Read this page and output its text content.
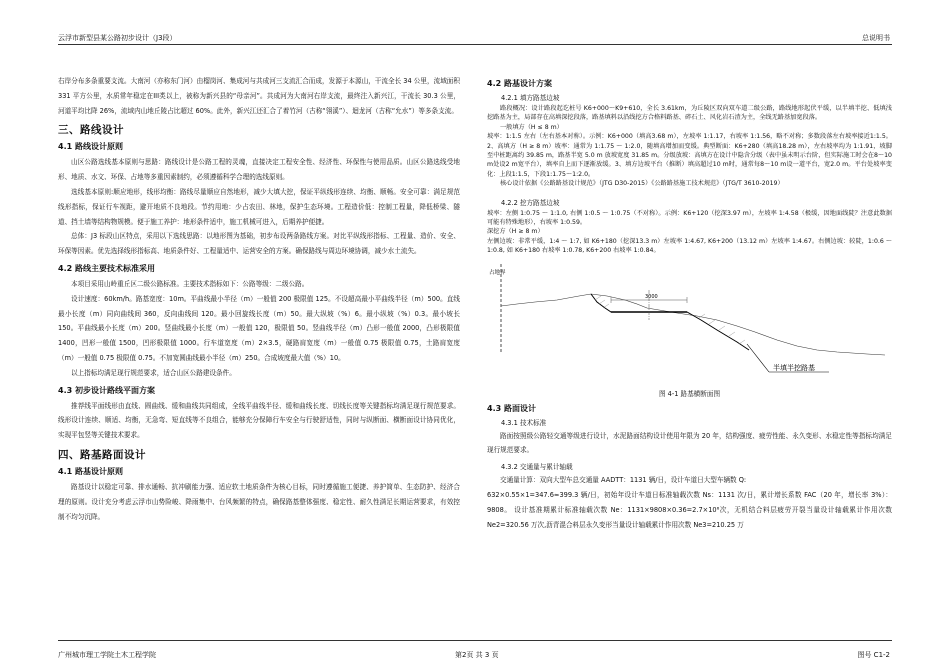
云浮市新型县某公路初步设计（J3段）	总说明书

右岸分布多条重要支流。大南河（亦称东门河）由榴岗河、集成河与共成河三支流汇合而成，发源于本源山，干流全长 34 公里，流域面积 331 平方公里，水质常年稳定在III类以上，被称为新兴县的“母亲河”。共成河为大南河右岸支流，最终注入新兴江，干流长 30.3 公里，河道平均比降 26%，流域内山地丘陵占比超过 60%。此外，新兴江还汇合了着竹河（古称“翎溪”）、迴龙河（古称“允水”）等多条支流。

三、路线设计
4.1 路线设计原则

山区公路选线基本原则与思路：路线设计是公路工程的灵魂，直接决定工程安全性、经济性、环保性与使用品质。山区公路选线受地形、地质、水文、环保、占地等多重因素制约，必须遵循科学合理的选线原则。

选线基本原则:顺应地形，线形均衡：路线尽量顺应自然地形，减少大填大挖，保证平纵线形连续、均衡、顺畅。安全可靠：满足规范线形指标，保证行车视距，避开地质不良地段。节约用地：少占农田、林地，保护生态环境。工程造价低：控制工程量，降低桥梁、隧道、挡土墙等结构物规模。便于施工养护：地形条件适中，施工机械可进入，后期养护便捷。

总体：J3 标段山区特点，采用以下选线思路：以地形图为基础，初步布设两条路线方案。对比平纵线形指标、工程量、造价、安全、环保等因素。优先选择线形指标高、地质条件好、工程量适中、运营安全的方案。确保路线与周边环境协调，减少水土流失。

4.2 路线主要技术标准采用

本项目采用山岭重丘区二级公路标准。主要技术指标如下：公路等级：二级公路。

设计速度：60km/h。路基宽度：10m。平曲线最小半径（m）一般值 200 极限值 125。不设超高最小平曲线半径（m）500。直线最小长度（m）同向曲线间 360，反向曲线间 120。最小回旋线长度（m）50。最大纵坡（%）6。最小纵坡（%）0.3。最小坡长 150。平曲线最小长度（m）200。竖曲线最小长度（m）一般值 120，极限值 50。竖曲线半径（m）凸形一般值 2000，凸形极限值 1400，凹形一般值 1500，凹形极限值 1000。行车道宽度（m）2×3.5，硬路肩宽度（m）一般值 0.75 极限值 0.75，土路肩宽度（m）一般值 0.75 极限值 0.75。不加宽圆曲线最小半径（m）250。合成坡度最大值（%）10。

以上指标均满足现行规范要求，适合山区公路建设条件。

4.3 初步设计路线平面方案

推荐线平面线形由直线、圆曲线、缓和曲线共同组成，全线平曲线半径、缓和曲线长度、切线长度等关键指标均满足现行规范要求。线形设计连续、顺适、均衡，无急弯、短直线等不良组合，能够充分保障行车安全与行驶舒适性，同时与纵断面、横断面设计协同优化，实现平包竖等关键技术要求。

四、路基路面设计
4.1 路基设计原则

路基设计以稳定可靠、排水通畅、抗冲刷能力强、适应软土地质条件为核心目标，同时遵循施工便捷、养护简单、生态防护、经济合理的原则。设计充分考虑云浮市山势险峻、降雨集中、台风频繁的特点，确保路基整体强度、稳定性、耐久性满足长期运营要求，有效控制不均匀沉降。

4.2 路基设计方案
4.2.1 填方路基边坡

路段概况：设计路段起讫桩号 K6+000～K9+610，全长 3.61km，为丘陵区双向双车道二级公路，路线地形起伏平缓，以半填半挖、低填浅挖路基为主，局部存在高填深挖段落，路基填料以沿线挖方合格料路基、碎石土、风化岩石渣为主，全线无路基加宽段落。

一般填方（H ≤ 8 m）

坡率：1:1.5 左右（左右基本对称）。示例：K6+000（填高3.68 m），左坡率 1:1.17，右坡率 1:1.56，略不对称；多数段落左右坡率接近1:1.5。2、高填方（H ≥ 8 m）坡率：通常为 1:1.75 ～ 1:2.0，随填高增加而变缓。典型断面：K6+280（填高18.28 m），左右坡率均为 1:1.91，坡脚至中桩距离约 39.85 m，路基半宽 5.0 m 放坡宽度 31.85 m。分级放坡：高填方在设计中隐含分级（表中虽未明示台阶，但实际施工时会在8～10 m处设2 m宽平台），填率自上而下逐渐放缓。3、填方边坡平台（推断）填高超过10 m时，通常每8～10 m设一道平台，宽2.0 m。平台处坡率变化：上段1:1.5，下段1:1.75～1:2.0。

核心设计依据《公路路基设计规范》（JTG D30-2015）《公路路基施工技术规范》（JTG/T 3610-2019）

4.2.2 挖方路基边坡

坡率：左侧 1:0.75 ～ 1:1.0, 右侧 1:0.5 ～ 1:0.75（不对称）。示例：K6+120（挖深3.97 m），左坡率 1:4.58（极缓，因地面线陡？注意此数据可能有特殊地形），右坡率 1:0.59。

深挖方（H ≥ 8 m）

左侧边坡：非常平缓，1:4 ～ 1:7, 如 K6+180（挖深13.3 m）左坡率 1:4.67, K6+200（13.12 m）左坡率 1:4.67。右侧边坡：较陡，1:0.6 ～ 1:0.8, 如 K6+180 右坡率 1:0.78, K6+200 右坡率 1:0.84。

占地界
3000
半填半挖路基
图 4-1 路基横断面图
4.3 路面设计
4.3.1 技术标准

路面按照级公路轻交通等级进行设计，水泥路面结构设计使用年限为 20 年，结构强度、疲劳性能、永久变形、水稳定性等指标均满足现行规范要求。

4.3.2 交通量与累计轴载

交通量计算：双向大型车总交通量 AADTT：1131 辆/日，设计车道日大型车辆数 Q:

632×0.55×1=347.6≈399.3 辆/日，初始年设计车道日标准轴载次数 Ns：1131 次/日，累计增长系数 FAC（20 年，增长率 3%）：9808。 设计基准期累计标准轴载次数 Ne：1131×9808×0.36=2.7×10⁶次，无机结合料层疲劳开裂当量设计轴载累计作用次数 Ne2=320.56 万次,沥青混合料层永久变形当量设计轴载累计作用次数 Ne3=210.25 万

广州城市理工学院土木工程学院	第2页 共 3 页	图号 C1-2
